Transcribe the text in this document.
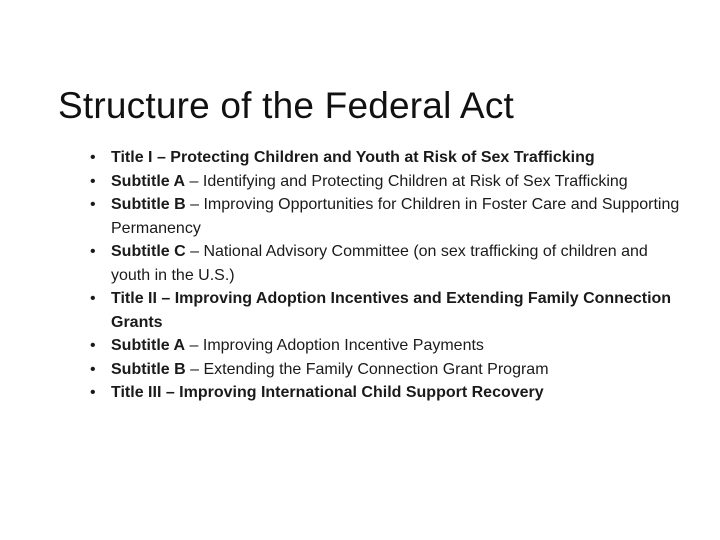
Structure of the Federal Act
• Title I – Protecting Children and Youth at Risk of Sex Trafficking
• Subtitle A – Identifying and Protecting Children at Risk of Sex Trafficking
• Subtitle B – Improving Opportunities for Children in Foster Care and Supporting Permanency
• Subtitle C – National Advisory Committee (on sex trafficking of children and youth in the U.S.)
• Title II – Improving Adoption Incentives and Extending Family Connection Grants
• Subtitle A – Improving Adoption Incentive Payments
• Subtitle B – Extending the Family Connection Grant Program
• Title III – Improving International Child Support Recovery
